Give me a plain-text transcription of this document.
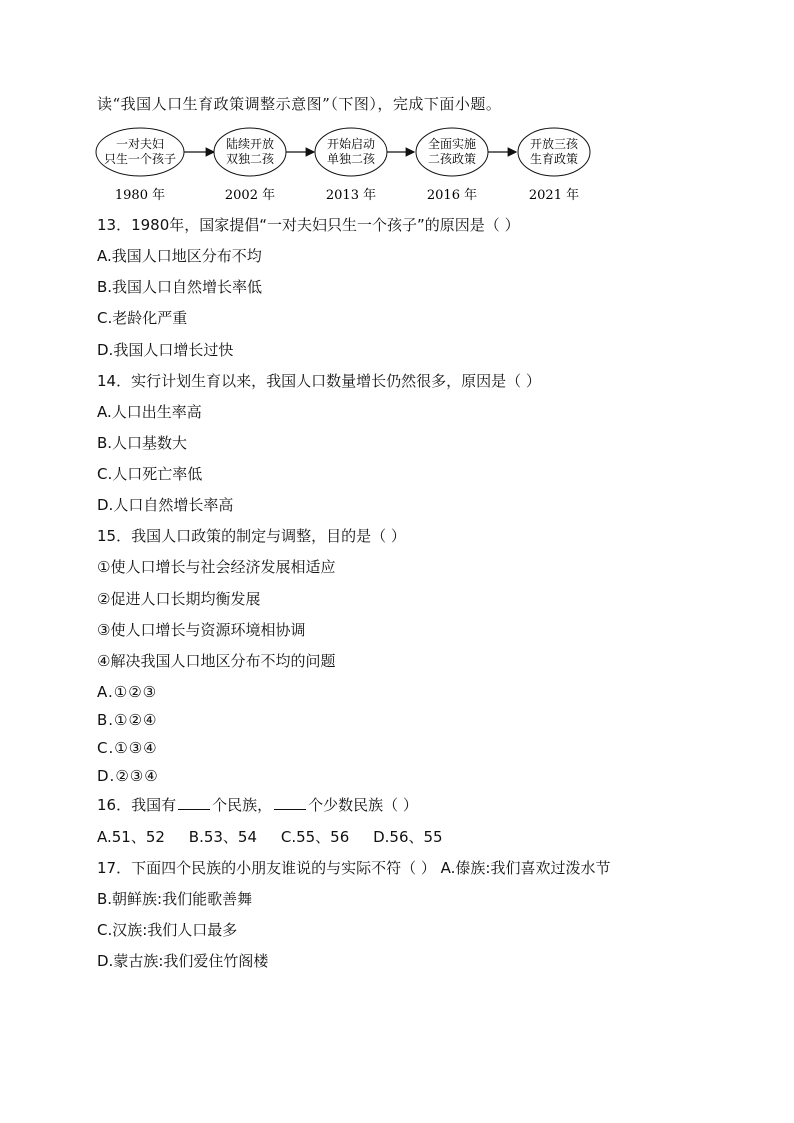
读“我国人口生育政策调整示意图”（下图），完成下面小题。
一对夫妇
只生一个孩子
1980 年
陆续开放
双独二孩
2002 年
开始启动
单独二孩
2013 年
全面实施
二孩政策
2016 年
开放三孩
生育政策
2021 年
13．1980年，国家提倡“一对夫妇只生一个孩子”的原因是（ ）
A.我国人口地区分布不均
B.我国人口自然增长率低
C.老龄化严重
D.我国人口增长过快
14．实行计划生育以来，我国人口数量增长仍然很多，原因是（ ）
A.人口出生率高
B.人口基数大
C.人口死亡率低
D.人口自然增长率高
15．我国人口政策的制定与调整，目的是（ ）
①使人口增长与社会经济发展相适应
②促进人口长期均衡发展
③使人口增长与资源环境相协调
④解决我国人口地区分布不均的问题
A.①②③
B.①②④
C.①③④
D.②③④
16．我国有 个民族， 个少数民族（ ）
A.51、52     B.53、54     C.55、56     D.56、55
17．下面四个民族的小朋友谁说的与实际不符（ ） A.傣族:我们喜欢过泼水节
B.朝鲜族:我们能歌善舞
C.汉族:我们人口最多
D.蒙古族:我们爱住竹阁楼
